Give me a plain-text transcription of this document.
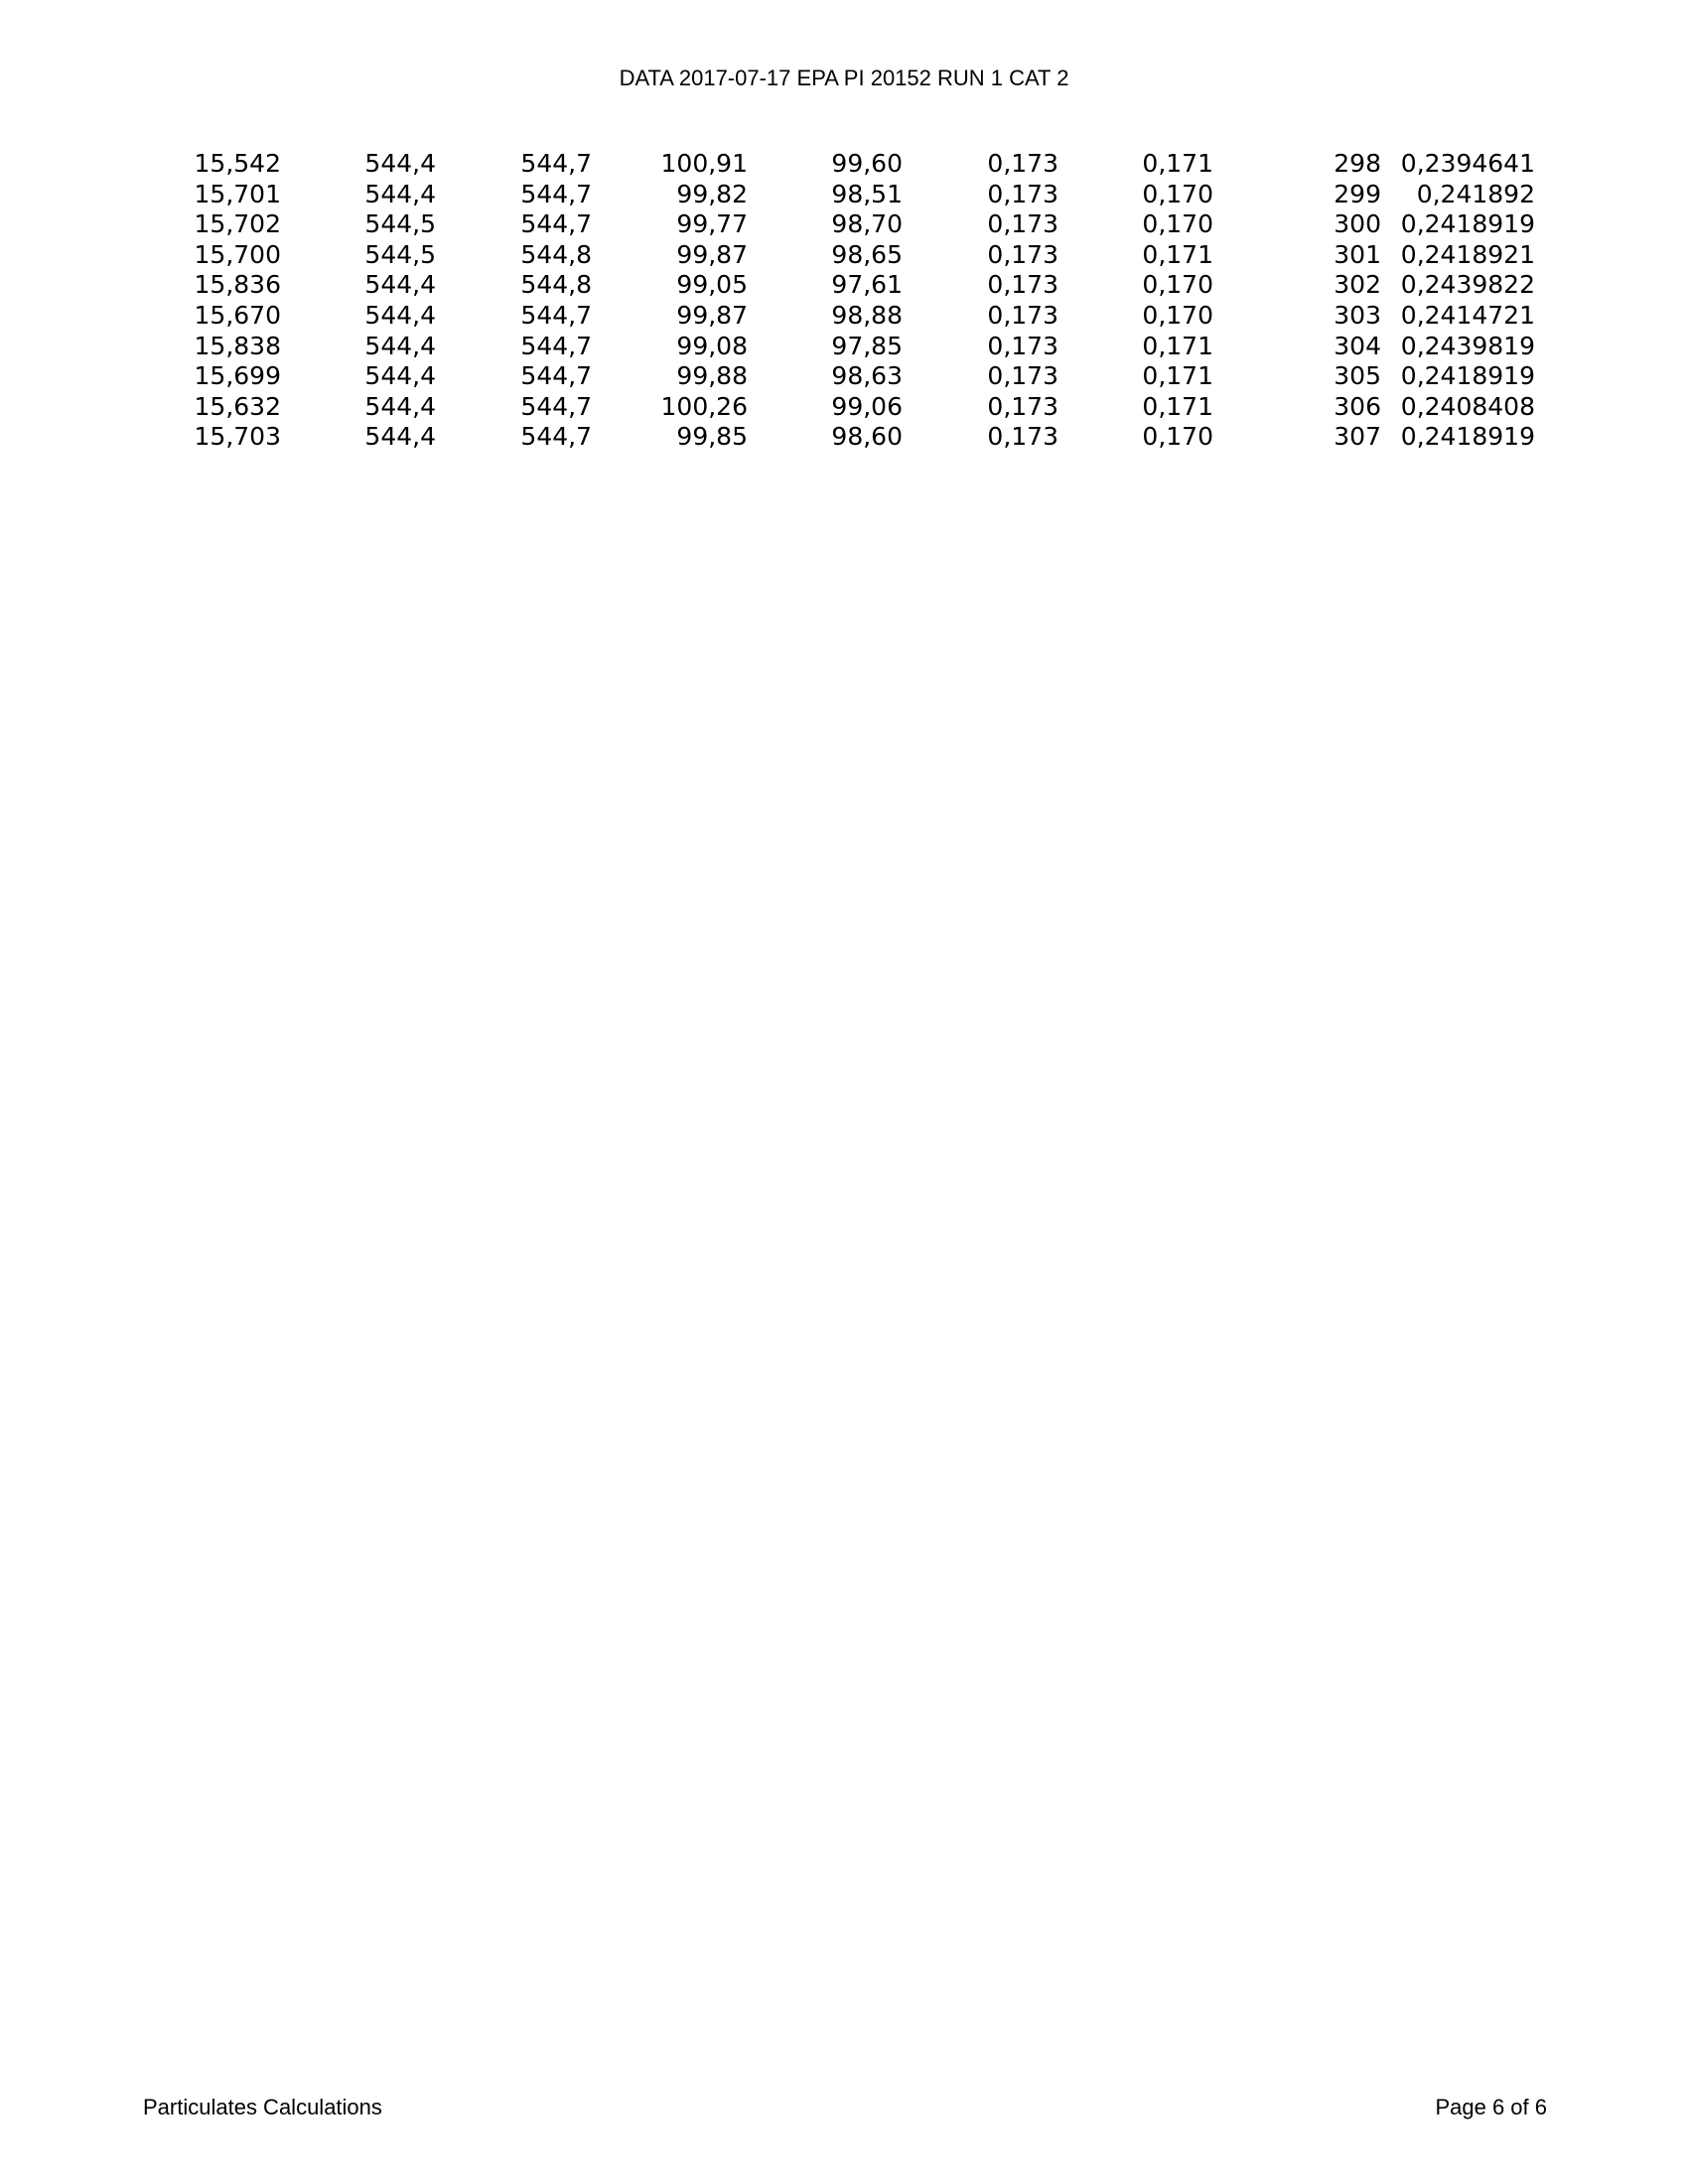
DATA 2017-07-17 EPA PI 20152 RUN 1 CAT 2
15,542	544,4	544,7	100,91	99,60	0,173	0,171	298	0,2394641
15,701	544,4	544,7	99,82	98,51	0,173	0,170	299	0,241892
15,702	544,5	544,7	99,77	98,70	0,173	0,170	300	0,2418919
15,700	544,5	544,8	99,87	98,65	0,173	0,171	301	0,2418921
15,836	544,4	544,8	99,05	97,61	0,173	0,170	302	0,2439822
15,670	544,4	544,7	99,87	98,88	0,173	0,170	303	0,2414721
15,838	544,4	544,7	99,08	97,85	0,173	0,171	304	0,2439819
15,699	544,4	544,7	99,88	98,63	0,173	0,171	305	0,2418919
15,632	544,4	544,7	100,26	99,06	0,173	0,171	306	0,2408408
15,703	544,4	544,7	99,85	98,60	0,173	0,170	307	0,2418919
Particulates Calculations	Page 6 of 6
